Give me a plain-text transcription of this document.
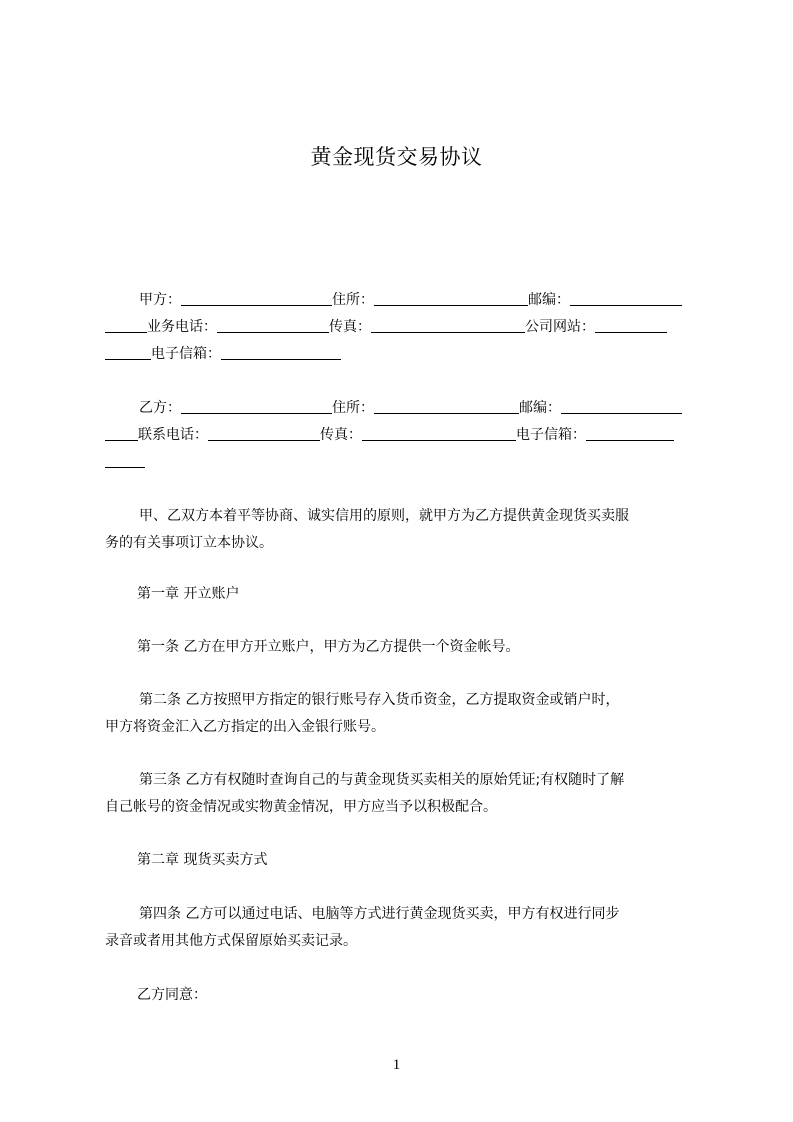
黄金现货交易协议
甲方：	住所：	邮编：
业务电话：	传真：	公司网站：
电子信箱：
乙方：	住所：	邮编：
联系电话：	传真：	电子信箱：
甲、乙双方本着平等协商、诚实信用的原则，就甲方为乙方提供黄金现货买卖服
务的有关事项订立本协议。
第一章 开立账户
第一条 乙方在甲方开立账户，甲方为乙方提供一个资金帐号。
第二条 乙方按照甲方指定的银行账号存入货币资金，乙方提取资金或销户时，
甲方将资金汇入乙方指定的出入金银行账号。
第三条 乙方有权随时查询自己的与黄金现货买卖相关的原始凭证;有权随时了解
自己帐号的资金情况或实物黄金情况，甲方应当予以积极配合。
第二章 现货买卖方式
第四条 乙方可以通过电话、电脑等方式进行黄金现货买卖，甲方有权进行同步
录音或者用其他方式保留原始买卖记录。
乙方同意：
1
